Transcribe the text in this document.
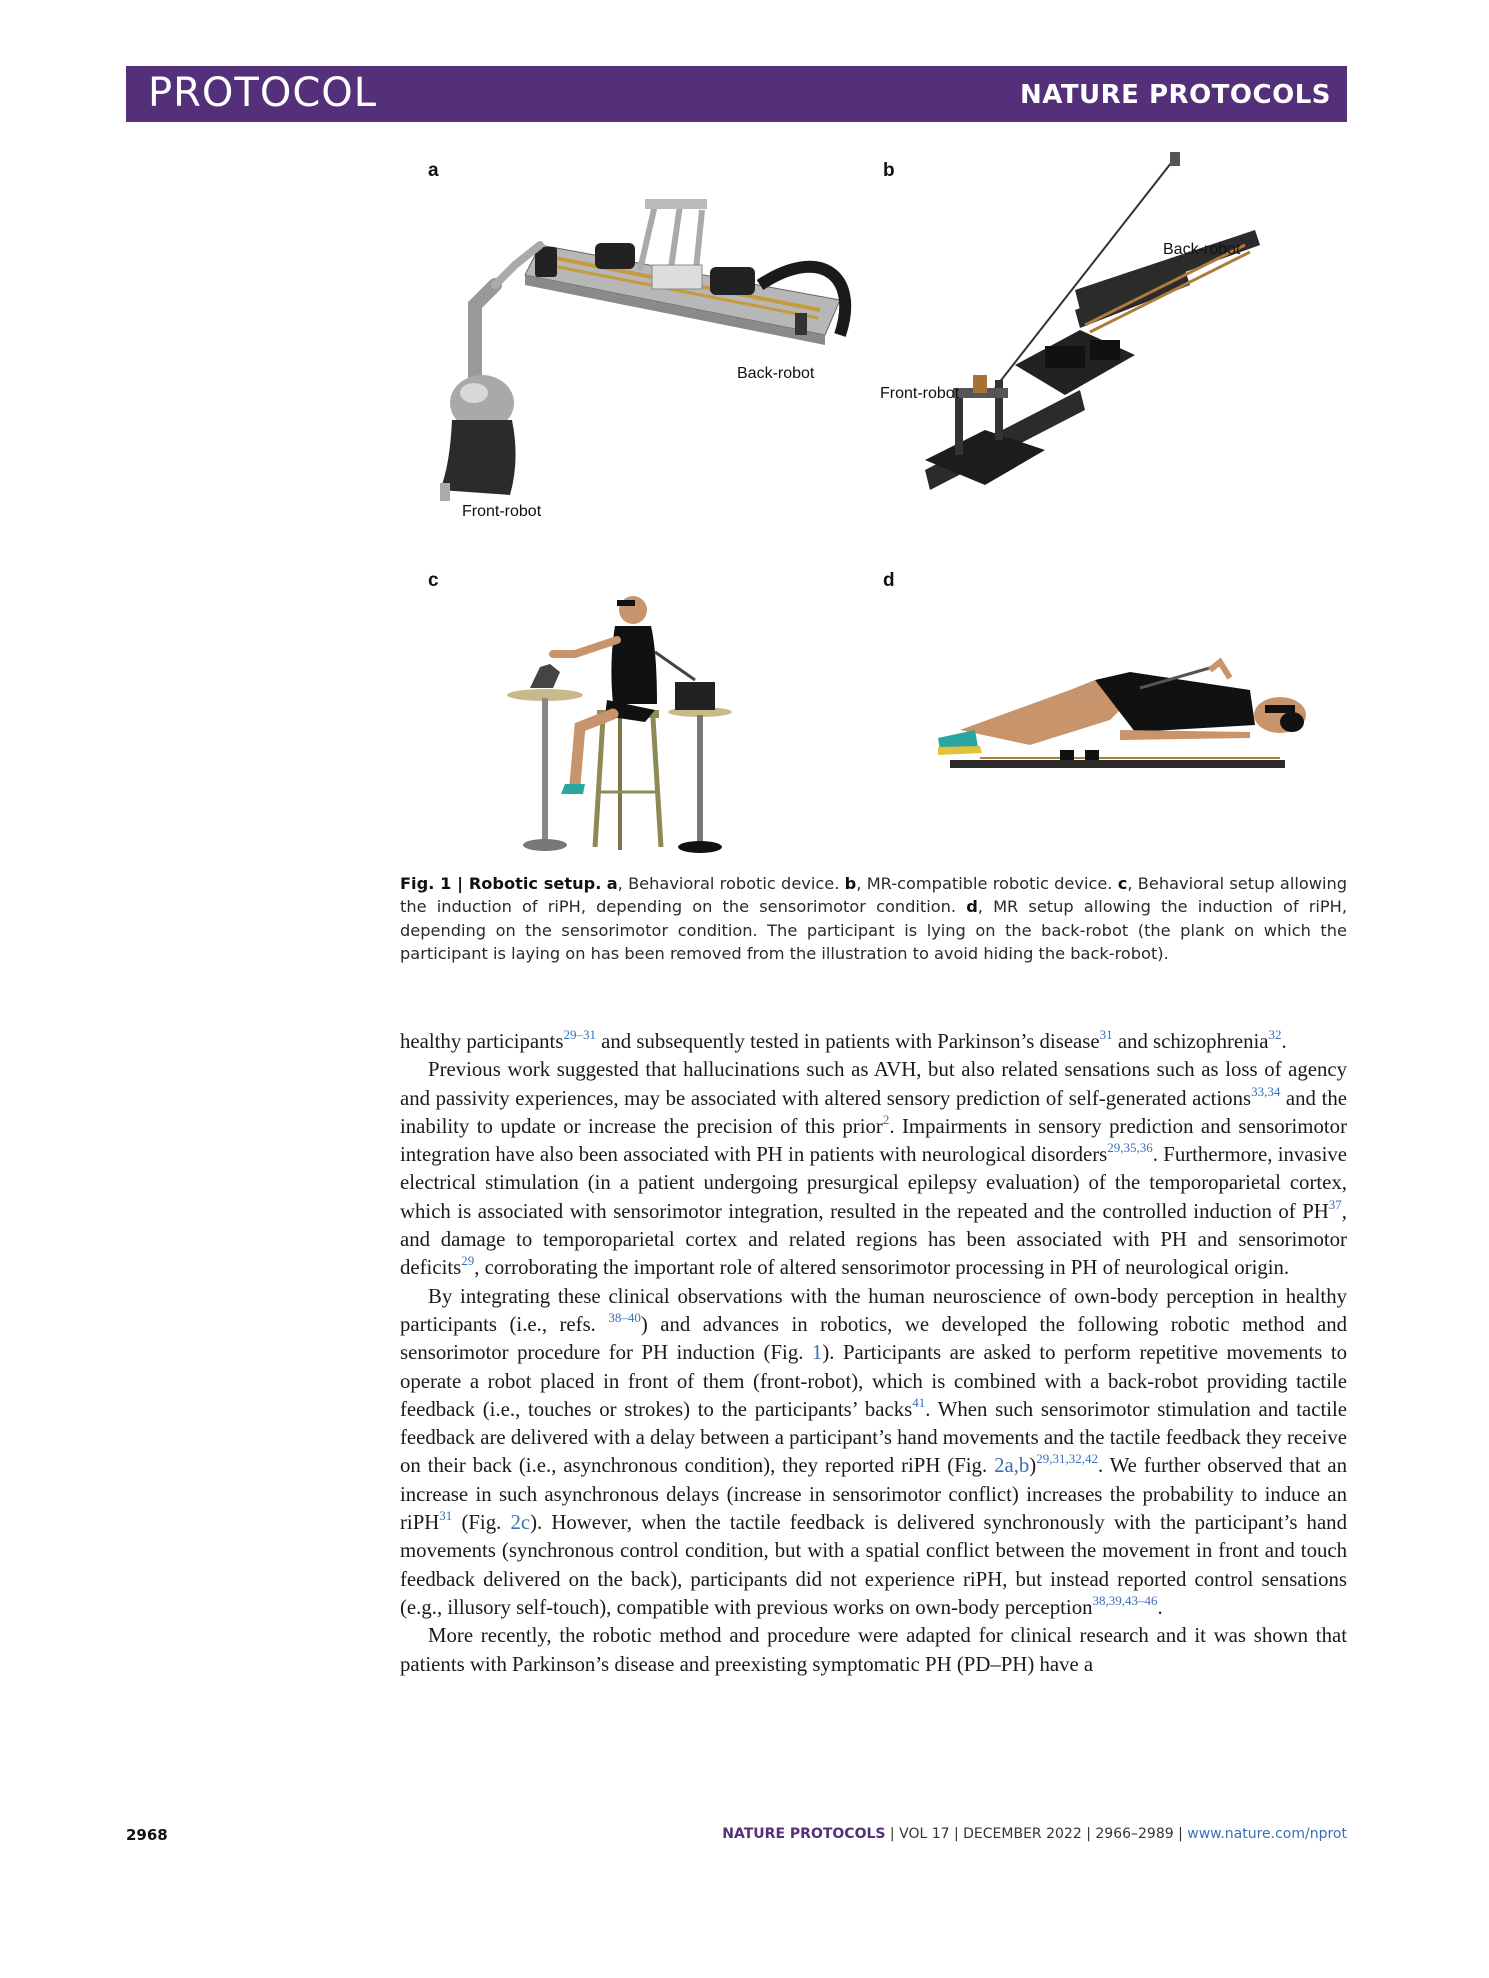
PROTOCOL	NATURE PROTOCOLS
a	b
c	d
Back-robot
Front-robot
Back-robot
Front-robot
Fig. 1 | Robotic setup. a, Behavioral robotic device. b, MR-compatible robotic device. c, Behavioral setup allowing the induction of riPH, depending on the sensorimotor condition. d, MR setup allowing the induction of riPH, depending on the sensorimotor condition. The participant is lying on the back-robot (the plank on which the participant is laying on has been removed from the illustration to avoid hiding the back-robot).

healthy participants$^{29-31}$ and subsequently tested in patients with Parkinson’s disease$^{31}$ and schizophrenia$^{32}$.

Previous work suggested that hallucinations such as AVH, but also related sensations such as loss of agency and passivity experiences, may be associated with altered sensory prediction of self-generated actions$^{33,34}$ and the inability to update or increase the precision of this prior$^2$. Impairments in sensory prediction and sensorimotor integration have also been associated with PH in patients with neurological disorders$^{29,35,36}$. Furthermore, invasive electrical stimulation (in a patient undergoing presurgical epilepsy evaluation) of the temporoparietal cortex, which is associated with sensorimotor integration, resulted in the repeated and the controlled induction of PH$^{37}$, and damage to temporoparietal cortex and related regions has been associated with PH and sensorimotor deficits$^{29}$, corroborating the important role of altered sensorimotor processing in PH of neurological origin.

By integrating these clinical observations with the human neuroscience of own-body perception in healthy participants (i.e., refs. $^{38-40}$) and advances in robotics, we developed the following robotic method and sensorimotor procedure for PH induction (Fig. 1). Participants are asked to perform repetitive movements to operate a robot placed in front of them (front-robot), which is combined with a back-robot providing tactile feedback (i.e., touches or strokes) to the participants’ backs$^{41}$. When such sensorimotor stimulation and tactile feedback are delivered with a delay between a participant’s hand movements and the tactile feedback they receive on their back (i.e., asynchronous condition), they reported riPH (Fig. 2a,b)$^{29,31,32,42}$. We further observed that an increase in such asynchronous delays (increase in sensorimotor conflict) increases the probability to induce an riPH$^{31}$ (Fig. 2c). However, when the tactile feedback is delivered synchronously with the participant’s hand movements (synchronous control condition, but with a spatial conflict between the movement in front and touch feedback delivered on the back), participants did not experience riPH, but instead reported control sensations (e.g., illusory self-touch), compatible with previous works on own-body perception$^{38,39,43-46}$.

More recently, the robotic method and procedure were adapted for clinical research and it was shown that patients with Parkinson’s disease and preexisting symptomatic PH (PD–PH) have a

2968	NATURE PROTOCOLS | VOL 17 | DECEMBER 2022 | 2966–2989 | www.nature.com/nprot
